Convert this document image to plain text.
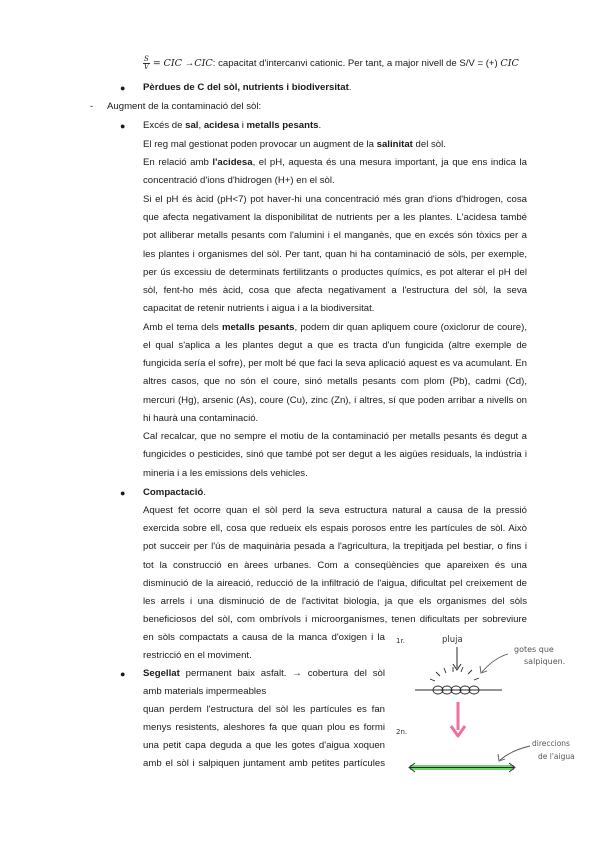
$\frac{S}{V}$ = CIC →CIC: capacitat d'intercanvi cationic. Per tant, a major nivell de S/V = (+) CIC
● Pèrdues de C del sòl, nutrients i biodiversitat.
- Augment de la contaminació del sòl:
● Excés de sal, acidesa i metalls pesants.
El reg mal gestionat poden provocar un augment de la salinitat del sòl.
En relació amb l'acidesa, el pH, aquesta és una mesura important, ja que ens indica la
concentració d'ions d'hidrogen (H+) en el sòl.
Si el pH és àcid (pH<7) pot haver-hi una concentració més gran d'ions d'hidrogen, cosa
que afecta negativament la disponibilitat de nutrients per a les plantes. L'acidesa també
pot alliberar metalls pesants com l'alumini i el manganès, que en excés són tòxics per a
les plantes i organismes del sòl. Per tant, quan hi ha contaminació de sòls, per exemple,
per ús excessiu de determinats fertilitzants o productes químics, es pot alterar el pH del
sòl, fent-ho més àcid, cosa que afecta negativament a l'estructura del sòl, la seva
capacitat de retenir nutrients i aigua i a la biodiversitat.
Amb el tema dels metalls pesants, podem dir quan apliquem coure (oxiclorur de coure),
el qual s'aplica a les plantes degut a que es tracta d'un fungicida (altre exemple de
fungicida sería el sofre), per molt bé que faci la seva aplicació aquest es va acumulant. En
altres casos, que no són el coure, sinó metalls pesants com plom (Pb), cadmi (Cd),
mercuri (Hg), arsenic (As), coure (Cu), zinc (Zn), i altres, sí que poden arribar a nivells on
hi haurà una contaminació.
Cal recalcar, que no sempre el motiu de la contaminació per metalls pesants és degut a
fungicides o pesticides, sinó que també pot ser degut a les aigües residuals, la indústria i
mineria i a les emissions dels vehicles.
● Compactació.
Aquest fet ocorre quan el sòl perd la seva estructura natural a causa de la pressió
exercida sobre ell, cosa que redueix els espais porosos entre les partícules de sòl. Això
pot succeir per l'ús de maquinària pesada a l'agricultura, la trepitjada pel bestiar, o fins i
tot la construcció en àrees urbanes. Com a conseqüències que apareixen és una
disminució de la aireació, reducció de la infiltració de l'aigua, dificultat pel creixement de
les arrels i una disminució de de l'activitat biologia, ja que els organismes del sòls
beneficiosos del sòl, com ombrívols i microorganismes, tenen dificultats per sobreviure
en sòls compactats a causa de la manca d'oxigen i la
restricció en el moviment.
● Segellat permanent baix asfalt. → cobertura del sòl
amb materials impermeables
quan perdem l'estructura del sòl les partícules es fan
menys resistents, aleshores fa que quan plou es formi
una petit capa deguda a que les gotes d'aigua xoquen
amb el sòl i salpiquen juntament amb petites partícules
1r.	pluja
gotes que
salpiquen.
2n.
direccions
de l'aigua
